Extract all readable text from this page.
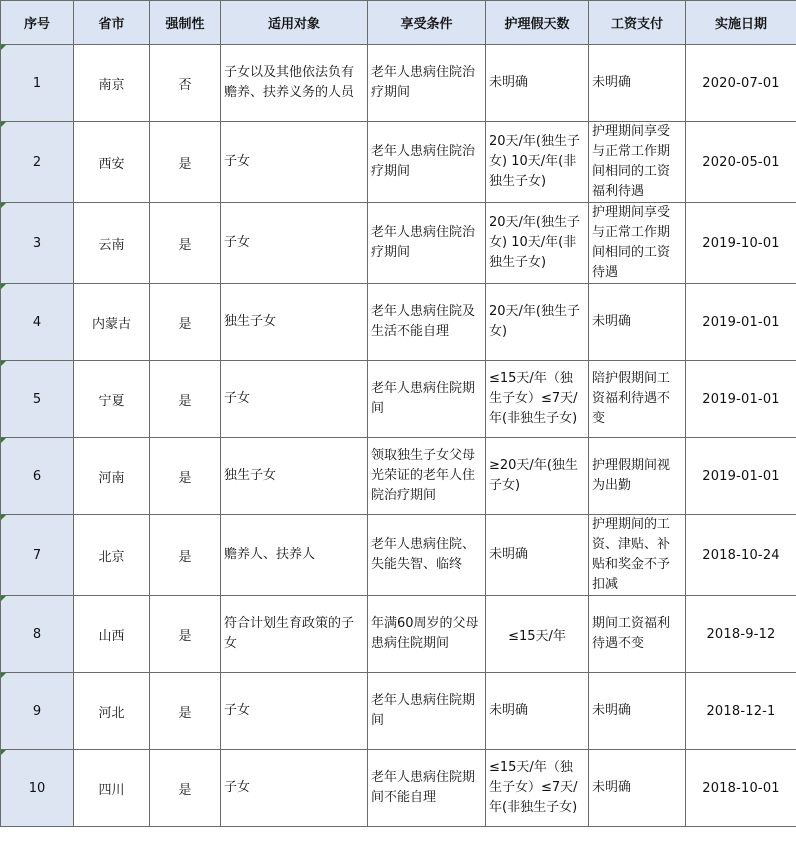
序号	省市	强制性	适用对象	享受条件	护理假天数	工资支付	实施日期
1	南京	否	子女以及其他依法负有赡养、扶养义务的人员	老年人患病住院治疗期间	未明确	未明确	2020-07-01
2	西安	是	子女	老年人患病住院治疗期间	20天/年(独生子女) 10天/年(非独生子女)	护理期间享受与正常工作期间相同的工资福利待遇	2020-05-01
3	云南	是	子女	老年人患病住院治疗期间	20天/年(独生子女) 10天/年(非独生子女)	护理期间享受与正常工作期间相同的工资待遇	2019-10-01
4	内蒙古	是	独生子女	老年人患病住院及生活不能自理	20天/年(独生子女)	未明确	2019-01-01
5	宁夏	是	子女	老年人患病住院期间	≤15天/年（独生子女）≤7天/年(非独生子女)	陪护假期间工资福利待遇不变	2019-01-01
6	河南	是	独生子女	领取独生子女父母光荣证的老年人住院治疗期间	≥20天/年(独生子女)	护理假期间视为出勤	2019-01-01
7	北京	是	赡养人、扶养人	老年人患病住院、失能失智、临终	未明确	护理期间的工资、津贴、补贴和奖金不予扣减	2018-10-24
8	山西	是	符合计划生育政策的子女	年满60周岁的父母患病住院期间	≤15天/年	期间工资福利待遇不变	2018-9-12
9	河北	是	子女	老年人患病住院期间	未明确	未明确	2018-12-1
10	四川	是	子女	老年人患病住院期间不能自理	≤15天/年（独生子女）≤7天/年(非独生子女)	未明确	2018-10-01
